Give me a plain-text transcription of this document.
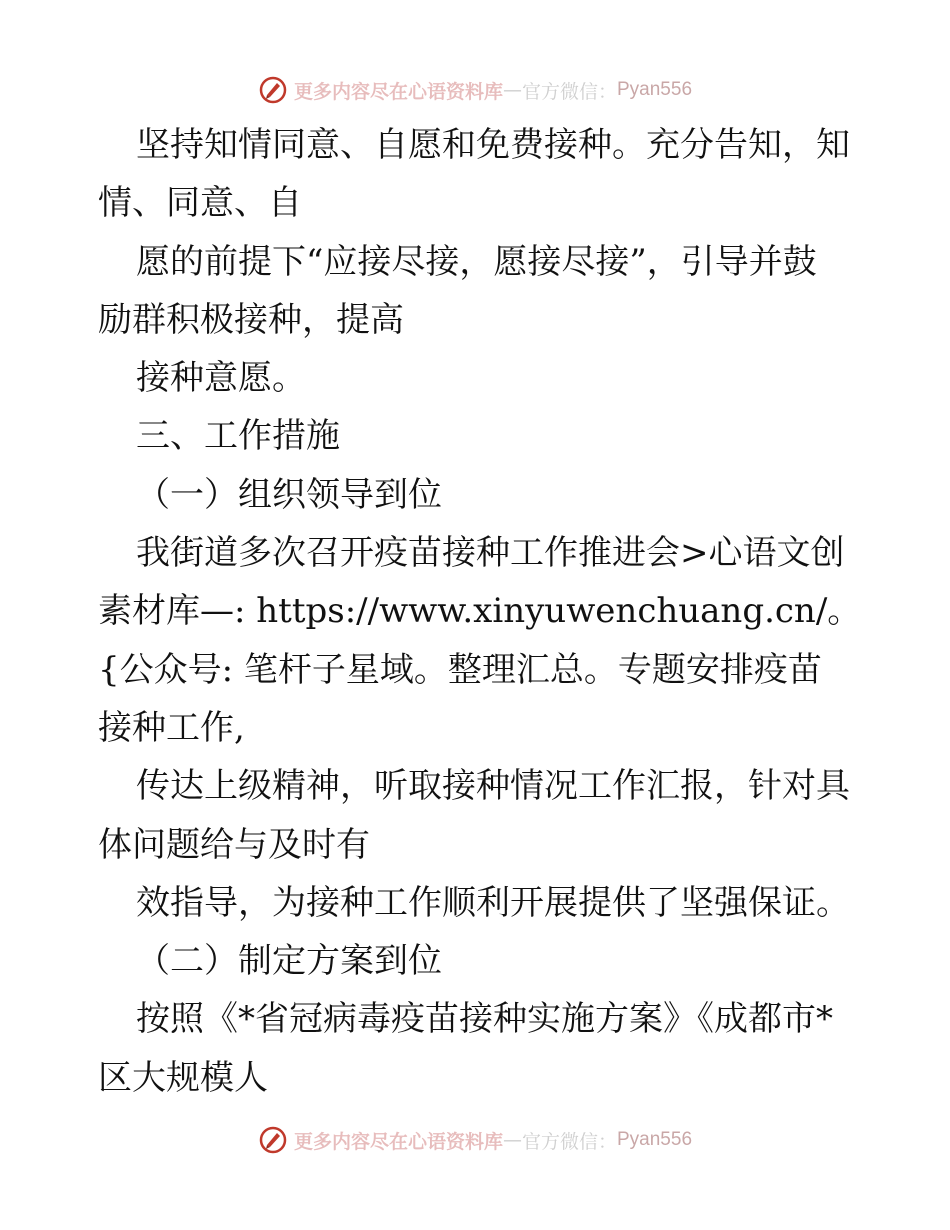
更多内容尽在心语资料库 — 官方微信： Pyan556
坚持知情同意、自愿和免费接种。充分告知，知
情、同意、自
愿的前提下“应接尽接，愿接尽接”，引导并鼓
励群积极接种，提高
接种意愿。
三、工作措施
（一）组织领导到位
我街道多次召开疫苗接种工作推进会>心语文创
素材库—: https://www.xinyuwenchuang.cn/。
{公众号: 笔杆子星域。整理汇总。专题安排疫苗
接种工作,
传达上级精神，听取接种情况工作汇报，针对具
体问题给与及时有
效指导，为接种工作顺利开展提供了坚强保证。
（二）制定方案到位
按照《*省冠病毒疫苗接种实施方案》《成都市*
区大规模人
更多内容尽在心语资料库 — 官方微信： Pyan556
